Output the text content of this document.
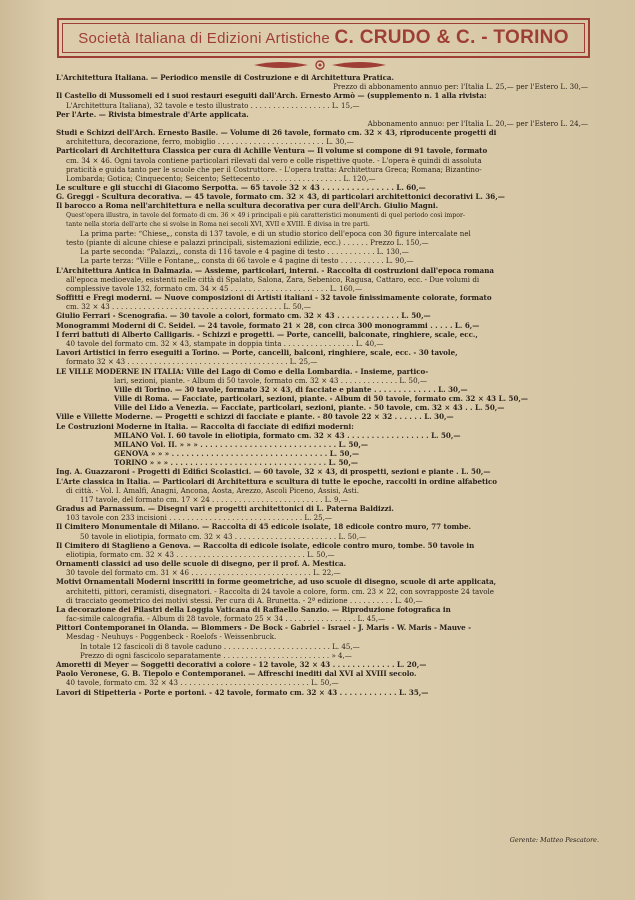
Società Italiana di Edizioni Artistiche C. CRUDO & C. - TORINO
L'Architettura Italiana. — Periodico mensile di Costruzione e di Architettura Pratica.
Prezzo di abbonamento annuo per: l'Italia L. 25,— per l'Estero L. 30,—
Il Castello di Mussomeli ed i suoi restauri eseguiti dall'Arch. Ernesto Armò — (supplemento n. 1 alla rivista:
L'Architettura Italiana), 32 tavole e testo illustrato . . . . . . . . . . . . . . . . . . L. 15,—
Per l'Arte. — Rivista bimestrale d'Arte applicata.
Abbonamento annuo: per l'Italia L. 20,— per l'Estero L. 24,—
Studi e Schizzi dell'Arch. Ernesto Basile. — Volume di 26 tavole, formato cm. 32 × 43, riproducente progetti di
architettura, decorazione, ferro, mobiglio . . . . . . . . . . . . . . . . . . . . . . . . L. 30,—
Particolari di Architettura Classica per cura di Achille Ventura — Il volume si compone di 91 tavole, formato
cm. 34 × 46. Ogni tavola contiene particolari rilevati dal vero e colle rispettive quote. - L'opera è quindi di assoluta
praticità e guida tanto per le scuole che per il Costruttore. - L'opera tratta: Architettura Greca; Romana; Bizantino-
Lombarda; Gotica; Cinquecento; Seicento; Settecento . . . . . . . . . . . . . . . . . . L. 120,—
Le sculture e gli stucchi di Giacomo Serpotta. — 65 tavole 32 × 43 . . . . . . . . . . . . . . . L. 60,—
G. Greggi - Scultura decorativa. — 45 tavole, formato cm. 32 × 43, di particolari architettonici decorativi L. 36,—
Il barocco a Roma nell'architettura e nella scultura decorativa per cura dell'Arch. Giulio Magni.
Quest'opera illustra, in tavole del formato di cm. 36 × 49 i principali e più caratteristici monumenti di quel periodo così impor-
tante nella storia dell'arte che si svolse in Roma nei secoli XVI, XVII e XVIII. È divisa in tre parti.
La prima parte: “Chiese„, consta di 137 tavole, e di un studio storico dell'epoca con 30 figure intercalate nel
testo (piante di alcune chiese e palazzi principali, sistemazioni edilizie, ecc.) . . . . . . Prezzo L. 150,—
La parte seconda: “Palazzi„, consta di 116 tavole e 4 pagine di testo . . . . . . . . . . . L. 130,—
La parte terza: “Ville e Fontane„, consta di 66 tavole e 4 pagine di testo . . . . . . . . . . L. 90,—
L'Architettura Antica in Dalmazia. — Assieme, particolari, interni. - Raccolta di costruzioni dall'epoca romana
all'epoca medioevale, esistenti nelle città di Spalato, Salona, Zara, Sebenico, Ragusa, Cattaro, ecc. - Due volumi di
complessive tavole 132, formato cm. 34 × 45 . . . . . . . . . . . . . . . . . . . . . . L. 160,—
Soffitti e Fregi moderni. — Nuove composizioni di Artisti italiani - 32 tavole finissimamente colorate, formato
cm. 32 × 43 . . . . . . . . . . . . . . . . . . . . . . . . . . . . . . . . . . . . . . L. 50,—
Giulio Ferrari - Scenografia. — 30 tavole a colori, formato cm. 32 × 43 . . . . . . . . . . . . . L. 50,—
Monogrammi Moderni di C. Seidel. — 24 tavole, formato 21 × 28, con circa 300 monogrammi . . . . . L. 6,—
I ferri battuti di Alberto Calligaris. - Schizzi e progetti. — Porte, cancelli, balconate, ringhiere, scale, ecc.,
40 tavole del formato cm. 32 × 43, stampate in doppia tinta . . . . . . . . . . . . . . . . L. 40,—
Lavori Artistici in ferro eseguiti a Torino. — Porte, cancelli, balconi, ringhiere, scale, ecc. - 30 tavole,
formato 32 × 43 . . . . . . . . . . . . . . . . . . . . . . . . . . . . . . . . . . . . L. 25,—
LE VILLE MODERNE IN ITALIA: Ville del Lago di Como e della Lombardia. - Insieme, partico-
lari, sezioni, piante. - Album di 50 tavole, formato cm. 32 × 43 . . . . . . . . . . . . . L. 50,—
Ville di Torino. — 30 tavole, formato 32 × 43, di facciate e piante . . . . . . . . . . . . . L. 30,—
Ville di Roma. — Facciate, particolari, sezioni, piante. - Album di 50 tavole, formato cm. 32 × 43 L. 50,—
Ville del Lido a Venezia. — Facciate, particolari, sezioni, piante. - 50 tavole, cm. 32 × 43 . . L. 50,—
Ville e Villette Moderne. — Progetti e schizzi di facciate e piante. - 80 tavole 22 × 32 . . . . . . L. 30,—
Le Costruzioni Moderne in Italia. — Raccolta di facciate di edifizi moderni:
MILANO Vol. I. 60 tavole in eliotipia, formato cm. 32 × 43 . . . . . . . . . . . . . . . . . L. 50,—
MILANO Vol. II. » » » . . . . . . . . . . . . . . . . . . . . . . . . . . . . L. 50,—
GENOVA » » » . . . . . . . . . . . . . . . . . . . . . . . . . . . . . . . . L. 50,—
TORINO » » » . . . . . . . . . . . . . . . . . . . . . . . . . . . . . . . . L. 50,—
Ing. A. Guazzaroni - Progetti di Edifici Scolastici. — 60 tavole, 32 × 43, di prospetti, sezioni e piante . L. 50,—
L'Arte classica in Italia. — Particolari di Architettura e scultura di tutte le epoche, raccolti in ordine alfabetico
di città. - Vol. I. Amalfi, Anagni, Ancona, Aosta, Arezzo, Ascoli Piceno, Assisi, Asti.
117 tavole, del formato cm. 17 × 24 . . . . . . . . . . . . . . . . . . . . . . . . . L. 9,—
Gradus ad Parnassum. — Disegni vari e progetti architettonici di L. Paterna Baldizzi.
103 tavole con 233 incisioni . . . . . . . . . . . . . . . . . . . . . . . . . . . . . . L. 25,—
Il Cimitero Monumentale di Milano. — Raccolta di 45 edicole isolate, 18 edicole contro muro, 77 tombe.
50 tavole in eliotipia, formato cm. 32 × 43 . . . . . . . . . . . . . . . . . . . . . . . L. 50,—
Il Cimitero di Staglieno a Genova. — Raccolta di edicole isolate, edicole contro muro, tombe. 50 tavole in
eliotipia, formato cm. 32 × 43 . . . . . . . . . . . . . . . . . . . . . . . . . . . . . L. 50,—
Ornamenti classici ad uso delle scuole di disegno, per il prof. A. Mestica.
30 tavole del formato cm. 31 × 46 . . . . . . . . . . . . . . . . . . . . . . . . . . . L. 22,—
Motivi Ornamentali Moderni inscritti in forme geometriche, ad uso scuole di disegno, scuole di arte applicata,
architetti, pittori, ceramisti, disegnatori. - Raccolta di 24 tavole a colore, form. cm. 23 × 22, con sovrapposte 24 tavole
di tracciato geometrico dei motivi stessi. Per cura di A. Brunetta. - 2ª edizione . . . . . . . . . . L. 40,—
La decorazione dei Pilastri della Loggia Vaticana di Raffaello Sanzio. — Riproduzione fotografica in
fac-simile calcografia. - Album di 28 tavole, formato 25 × 34 . . . . . . . . . . . . . . . . L. 45,—
Pittori Contemporanei in Olanda. — Blommers - De Bock - Gabriel - Israel - J. Maris - W. Maris - Mauve -
Mesdag - Neuhuys - Poggenbeck - Roelofs - Weissenbruck.
In totale 12 fascicoli di 8 tavole caduno . . . . . . . . . . . . . . . . . . . . . . . . L. 45,—
Prezzo di ogni fascicolo separatamente . . . . . . . . . . . . . . . . . . . . . . . . » 4,—
Amoretti di Meyer — Soggetti decorativi a colore - 12 tavole, 32 × 43 . . . . . . . . . . . . . L. 20,—
Paolo Veronese, G. B. Tiepolo e Contemporanei. — Affreschi inediti dal XVI al XVIII secolo.
40 tavole, formato cm. 32 × 43 . . . . . . . . . . . . . . . . . . . . . . . . . . . . . L. 50,—
Lavori di Stipetteria - Porte e portoni. - 42 tavole, formato cm. 32 × 43 . . . . . . . . . . . . L. 35,—
Gerente: Matteo Pescatore.
